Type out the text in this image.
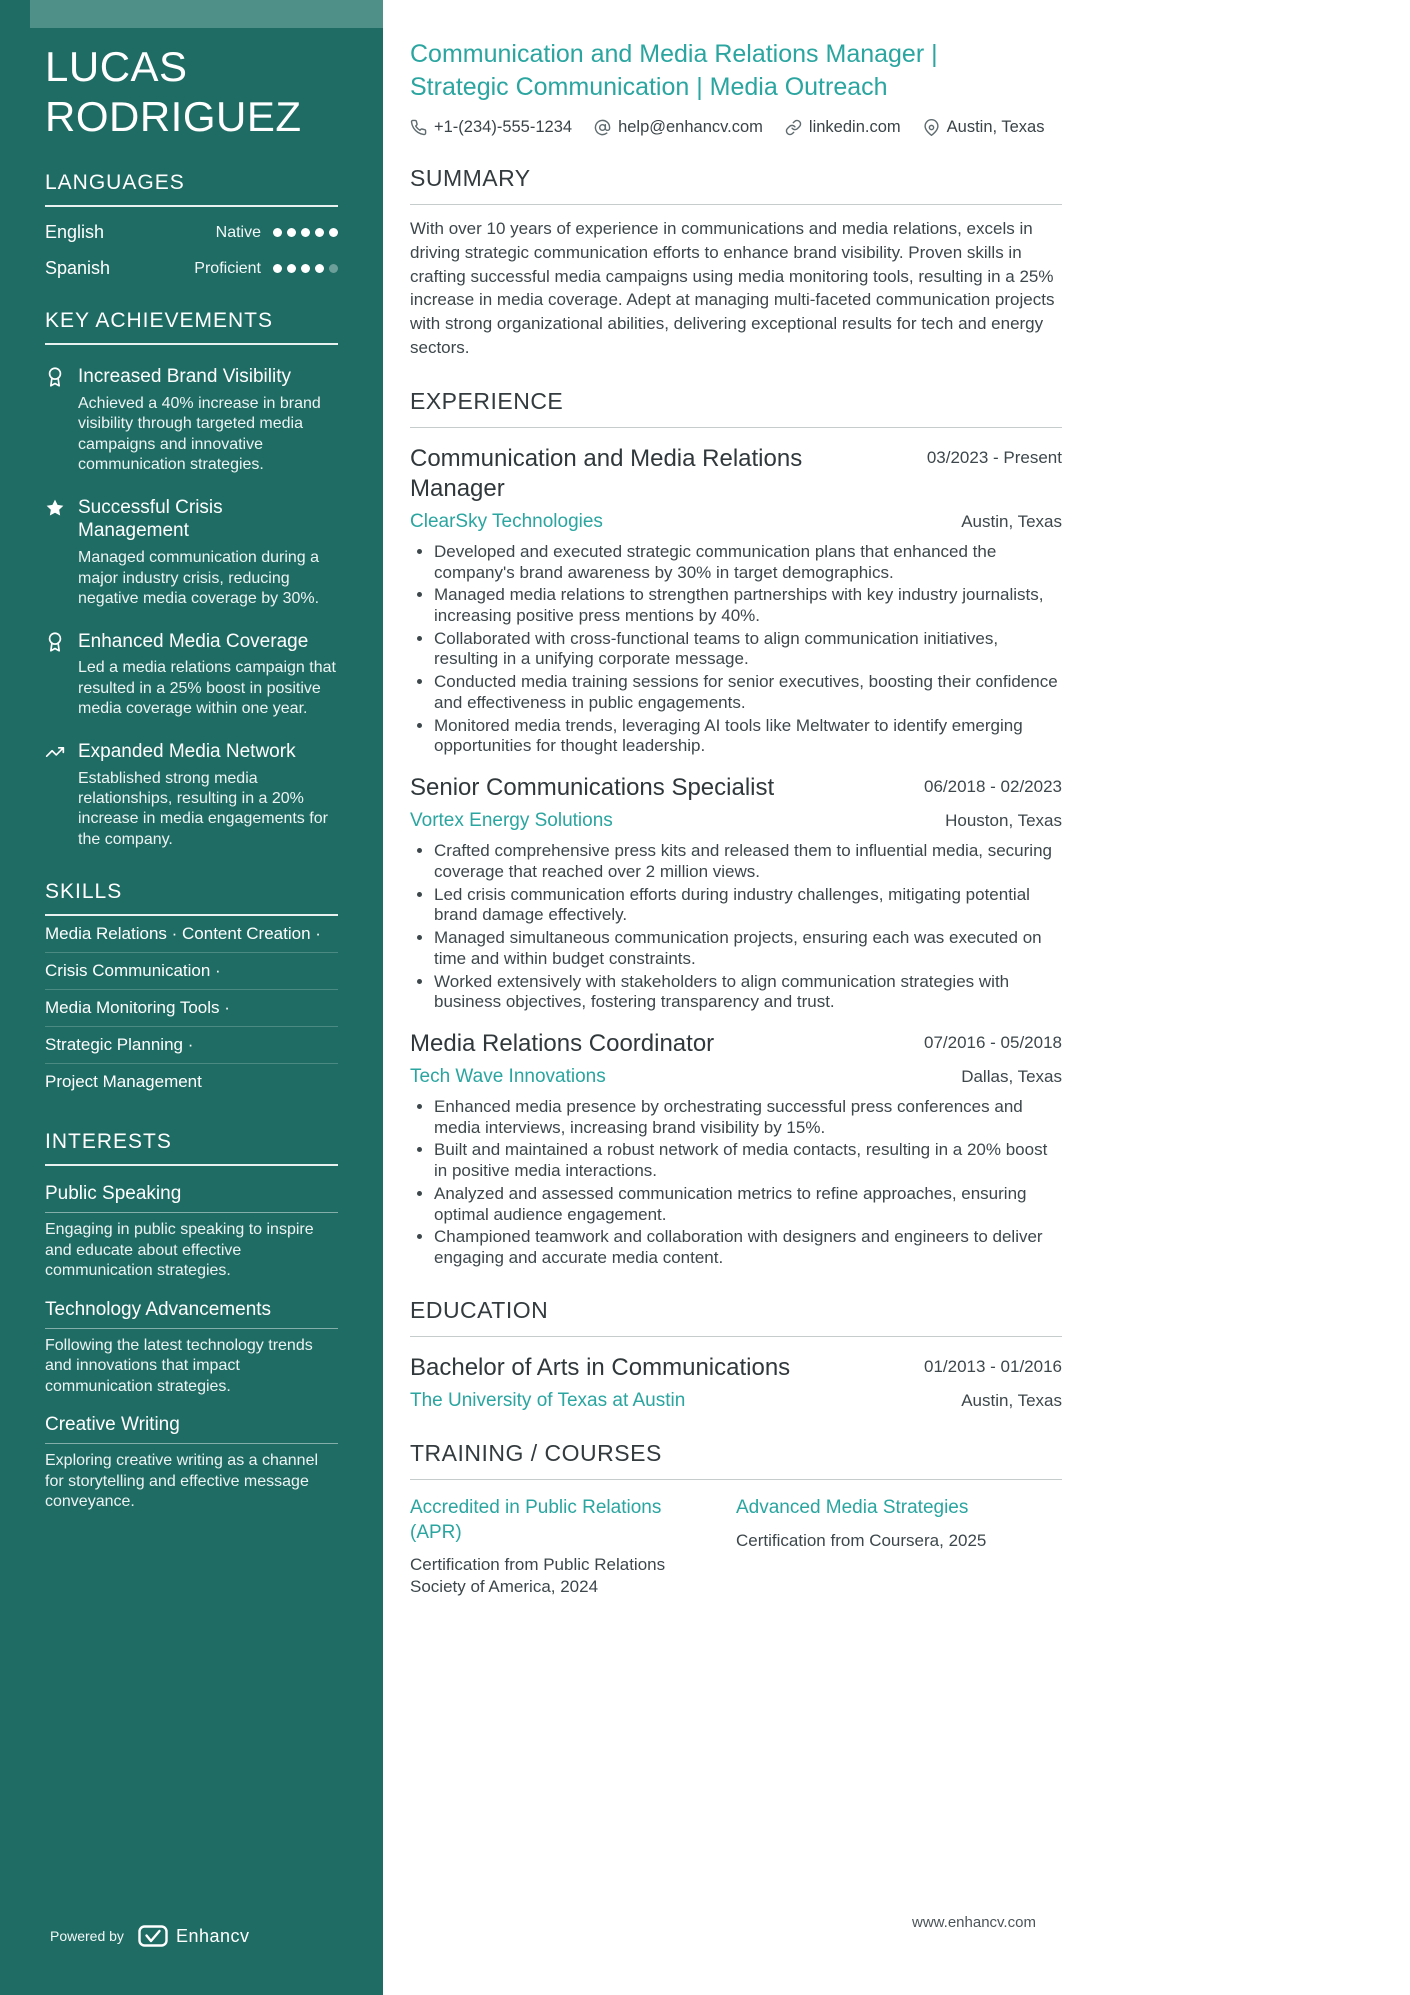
LUCAS RODRIGUEZ
LANGUAGES
English	Native
Spanish	Proficient
KEY ACHIEVEMENTS
Increased Brand Visibility
Achieved a 40% increase in brand visibility through targeted media campaigns and innovative communication strategies.
Successful Crisis Management
Managed communication during a major industry crisis, reducing negative media coverage by 30%.
Enhanced Media Coverage
Led a media relations campaign that resulted in a 25% boost in positive media coverage within one year.
Expanded Media Network
Established strong media relationships, resulting in a 20% increase in media engagements for the company.
SKILLS
Media Relations · Content Creation ·
Crisis Communication ·
Media Monitoring Tools ·
Strategic Planning ·
Project Management
INTERESTS
Public Speaking
Engaging in public speaking to inspire and educate about effective communication strategies.
Technology Advancements
Following the latest technology trends and innovations that impact communication strategies.
Creative Writing
Exploring creative writing as a channel for storytelling and effective message conveyance.
Powered by	Enhancv
Communication and Media Relations Manager | Strategic Communication | Media Outreach
+1-(234)-555-1234	help@enhancv.com	linkedin.com	Austin, Texas
SUMMARY

With over 10 years of experience in communications and media relations, excels in driving strategic communication efforts to enhance brand visibility. Proven skills in crafting successful media campaigns using media monitoring tools, resulting in a 25% increase in media coverage. Adept at managing multi-faceted communication projects with strong organizational abilities, delivering exceptional results for tech and energy sectors.

EXPERIENCE
Communication and Media Relations Manager
03/2023 - Present
ClearSky Technologies	Austin, Texas
• Developed and executed strategic communication plans that enhanced the company's brand awareness by 30% in target demographics.
• Managed media relations to strengthen partnerships with key industry journalists, increasing positive press mentions by 40%.
• Collaborated with cross-functional teams to align communication initiatives, resulting in a unifying corporate message.
• Conducted media training sessions for senior executives, boosting their confidence and effectiveness in public engagements.
• Monitored media trends, leveraging AI tools like Meltwater to identify emerging opportunities for thought leadership.
Senior Communications Specialist	06/2018 - 02/2023
Vortex Energy Solutions	Houston, Texas
• Crafted comprehensive press kits and released them to influential media, securing coverage that reached over 2 million views.
• Led crisis communication efforts during industry challenges, mitigating potential brand damage effectively.
• Managed simultaneous communication projects, ensuring each was executed on time and within budget constraints.
• Worked extensively with stakeholders to align communication strategies with business objectives, fostering transparency and trust.
Media Relations Coordinator	07/2016 - 05/2018
Tech Wave Innovations	Dallas, Texas
• Enhanced media presence by orchestrating successful press conferences and media interviews, increasing brand visibility by 15%.
• Built and maintained a robust network of media contacts, resulting in a 20% boost in positive media interactions.
• Analyzed and assessed communication metrics to refine approaches, ensuring optimal audience engagement.
• Championed teamwork and collaboration with designers and engineers to deliver engaging and accurate media content.
EDUCATION
Bachelor of Arts in Communications	01/2013 - 01/2016
The University of Texas at Austin	Austin, Texas
TRAINING / COURSES
Accredited in Public Relations (APR)
Certification from Public Relations Society of America, 2024
Advanced Media Strategies
Certification from Coursera, 2025
www.enhancv.com
